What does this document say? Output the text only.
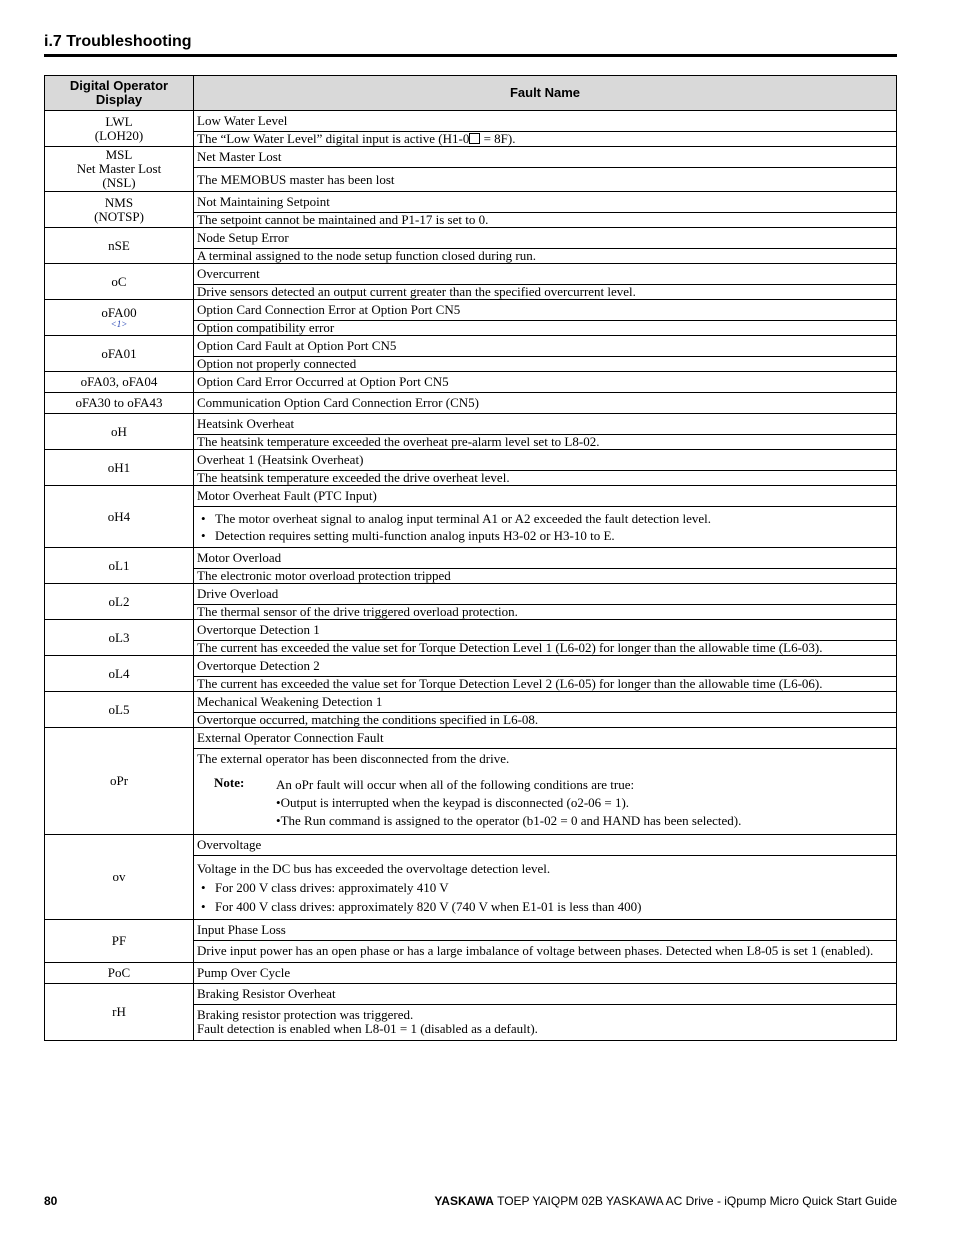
i.7 Troubleshooting
Digital Operator Display	Fault Name

LWL
(LOH20)	Low Water Level
	The “Low Water Level” digital input is active (H1-0 = 8F).

MSL
Net Master Lost
(NSL)	Net Master Lost
	The MEMOBUS master has been lost

NMS
(NOTSP)	Not Maintaining Setpoint
	The setpoint cannot be maintained and P1-17 is set to 0.
nSE	Node Setup Error
	A terminal assigned to the node setup function closed during run.
oC	Overcurrent
	Drive sensors detected an output current greater than the specified overcurrent level.

oFA00
<1>	Option Card Connection Error at Option Port CN5
	Option compatibility error
oFA01	Option Card Fault at Option Port CN5
	Option not properly connected
oFA03, oFA04	Option Card Error Occurred at Option Port CN5
oFA30 to oFA43	Communication Option Card Connection Error (CN5)
oH	Heatsink Overheat
	The heatsink temperature exceeded the overheat pre-alarm level set to L8-02.
oH1	Overheat 1 (Heatsink Overheat)
	The heatsink temperature exceeded the drive overheat level.
oH4	Motor Overheat Fault (PTC Input)

	• The motor overheat signal to analog input terminal A1 or A2 exceeded the fault detection level.
• Detection requires setting multi-function analog inputs H3-02 or H3-10 to E.

oL1	Motor Overload
	The electronic motor overload protection tripped
oL2	Drive Overload
	The thermal sensor of the drive triggered overload protection.
oL3	Overtorque Detection 1
	The current has exceeded the value set for Torque Detection Level 1 (L6-02) for longer than the allowable time (L6-03).
oL4	Overtorque Detection 2
	The current has exceeded the value set for Torque Detection Level 2 (L6-05) for longer than the allowable time (L6-06).
oL5	Mechanical Weakening Detection 1
	Overtorque occurred, matching the conditions specified in L6-08.
oPr	External Operator Connection Fault

	The external operator has been disconnected from the drive.
Note: An oPr fault will occur when all of the following conditions are true:
• Output is interrupted when the keypad is disconnected (o2-06 = 1).
• The Run command is assigned to the operator (b1-02 = 0 and HAND has been selected).

ov	Overvoltage

	Voltage in the DC bus has exceeded the overvoltage detection level.
• For 200 V class drives: approximately 410 V
• For 400 V class drives: approximately 820 V (740 V when E1-01 is less than 400)

PF	Input Phase Loss
	Drive input power has an open phase or has a large imbalance of voltage between phases. Detected when L8-05 is set 1 (enabled).
PoC	Pump Over Cycle
rH	Braking Resistor Overheat

	Braking resistor protection was triggered.
Fault detection is enabled when L8-01 = 1 (disabled as a default).
80	YASKAWA TOEP YAIQPM 02B YASKAWA AC Drive - iQpump Micro Quick Start Guide
